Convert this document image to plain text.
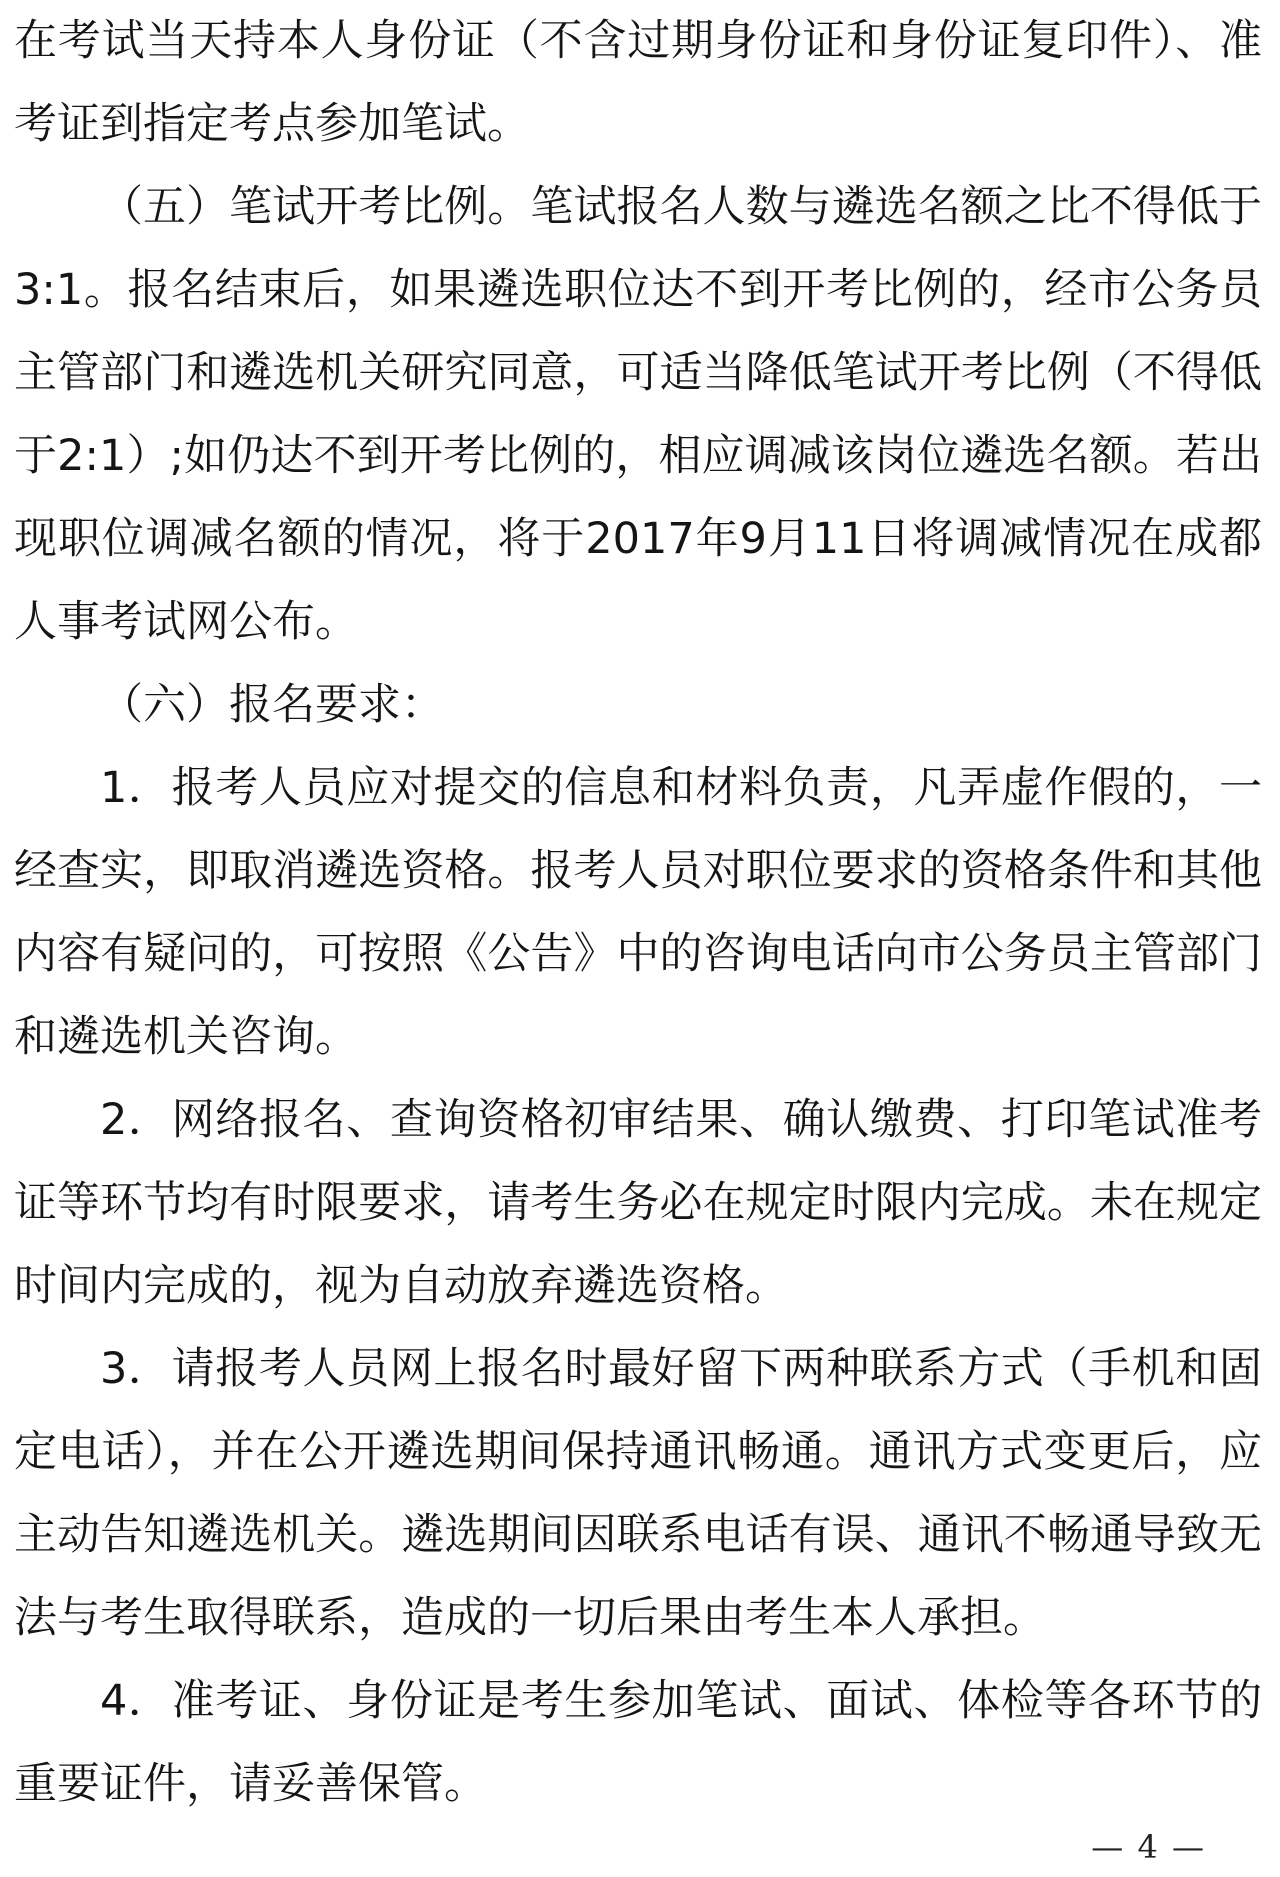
在考试当天持本人身份证（不含过期身份证和身份证复印件）、准考证到指定考点参加笔试。

（五）笔试开考比例。笔试报名人数与遴选名额之比不得低于3:1。报名结束后，如果遴选职位达不到开考比例的，经市公务员主管部门和遴选机关研究同意，可适当降低笔试开考比例（不得低于2:1）;如仍达不到开考比例的，相应调减该岗位遴选名额。若出现职位调减名额的情况，将于2017年9月11日将调减情况在成都人事考试网公布。

（六）报名要求：

1．报考人员应对提交的信息和材料负责，凡弄虚作假的，一经查实，即取消遴选资格。报考人员对职位要求的资格条件和其他内容有疑问的，可按照《公告》中的咨询电话向市公务员主管部门和遴选机关咨询。

2．网络报名、查询资格初审结果、确认缴费、打印笔试准考证等环节均有时限要求，请考生务必在规定时限内完成。未在规定时间内完成的，视为自动放弃遴选资格。

3．请报考人员网上报名时最好留下两种联系方式（手机和固定电话），并在公开遴选期间保持通讯畅通。通讯方式变更后，应主动告知遴选机关。遴选期间因联系电话有误、通讯不畅通导致无法与考生取得联系，造成的一切后果由考生本人承担。

4．准考证、身份证是考生参加笔试、面试、体检等各环节的重要证件，请妥善保管。

— 4 —
